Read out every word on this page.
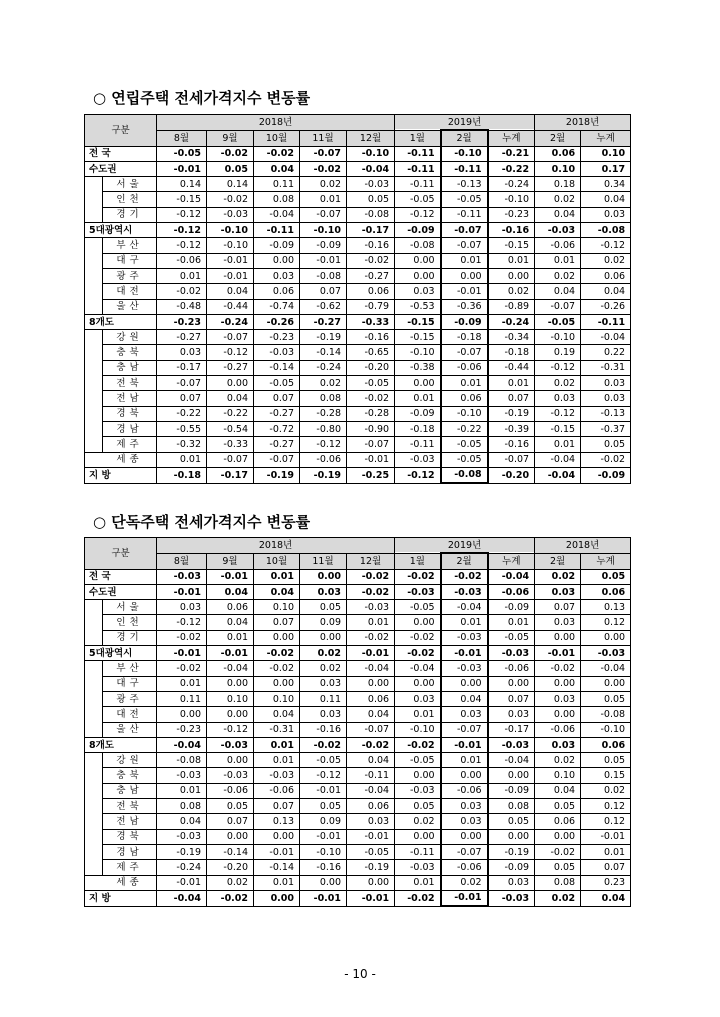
○ 연립주택 전세가격지수 변동률
구분		2018년					2019년			2018년	
		8월	9월	10월	11월	12월	1월	2월	누계	2월	누계
전 국		-0.05	-0.02	-0.02	-0.07	-0.10	-0.11	-0.10	-0.21	0.06	0.10
수도권		-0.01	0.05	0.04	-0.02	-0.04	-0.11	-0.11	-0.22	0.10	0.17
	서울	0.14	0.14	0.11	0.02	-0.03	-0.11	-0.13	-0.24	0.18	0.34
	인천	-0.15	-0.02	0.08	0.01	0.05	-0.05	-0.05	-0.10	0.02	0.04
	경기	-0.12	-0.03	-0.04	-0.07	-0.08	-0.12	-0.11	-0.23	0.04	0.03
5대광역시		-0.12	-0.10	-0.11	-0.10	-0.17	-0.09	-0.07	-0.16	-0.03	-0.08
	부산	-0.12	-0.10	-0.09	-0.09	-0.16	-0.08	-0.07	-0.15	-0.06	-0.12
	대구	-0.06	-0.01	0.00	-0.01	-0.02	0.00	0.01	0.01	0.01	0.02
	광주	0.01	-0.01	0.03	-0.08	-0.27	0.00	0.00	0.00	0.02	0.06
	대전	-0.02	0.04	0.06	0.07	0.06	0.03	-0.01	0.02	0.04	0.04
	울산	-0.48	-0.44	-0.74	-0.62	-0.79	-0.53	-0.36	-0.89	-0.07	-0.26
8개도		-0.23	-0.24	-0.26	-0.27	-0.33	-0.15	-0.09	-0.24	-0.05	-0.11
	강원	-0.27	-0.07	-0.23	-0.19	-0.16	-0.15	-0.18	-0.34	-0.10	-0.04
	충북	0.03	-0.12	-0.03	-0.14	-0.65	-0.10	-0.07	-0.18	0.19	0.22
	충남	-0.17	-0.27	-0.14	-0.24	-0.20	-0.38	-0.06	-0.44	-0.12	-0.31
	전북	-0.07	0.00	-0.05	0.02	-0.05	0.00	0.01	0.01	0.02	0.03
	전남	0.07	0.04	0.07	0.08	-0.02	0.01	0.06	0.07	0.03	0.03
	경북	-0.22	-0.22	-0.27	-0.28	-0.28	-0.09	-0.10	-0.19	-0.12	-0.13
	경남	-0.55	-0.54	-0.72	-0.80	-0.90	-0.18	-0.22	-0.39	-0.15	-0.37
	제주	-0.32	-0.33	-0.27	-0.12	-0.07	-0.11	-0.05	-0.16	0.01	0.05
세종		0.01	-0.07	-0.07	-0.06	-0.01	-0.03	-0.05	-0.07	-0.04	-0.02
지 방		-0.18	-0.17	-0.19	-0.19	-0.25	-0.12	-0.08	-0.20	-0.04	-0.09
○ 단독주택 전세가격지수 변동률
구분		2018년					2019년			2018년	
		8월	9월	10월	11월	12월	1월	2월	누계	2월	누계
전 국		-0.03	-0.01	0.01	0.00	-0.02	-0.02	-0.02	-0.04	0.02	0.05
수도권		-0.01	0.04	0.04	0.03	-0.02	-0.03	-0.03	-0.06	0.03	0.06
	서울	0.03	0.06	0.10	0.05	-0.03	-0.05	-0.04	-0.09	0.07	0.13
	인천	-0.12	0.04	0.07	0.09	0.01	0.00	0.01	0.01	0.03	0.12
	경기	-0.02	0.01	0.00	0.00	-0.02	-0.02	-0.03	-0.05	0.00	0.00
5대광역시		-0.01	-0.01	-0.02	0.02	-0.01	-0.02	-0.01	-0.03	-0.01	-0.03
	부산	-0.02	-0.04	-0.02	0.02	-0.04	-0.04	-0.03	-0.06	-0.02	-0.04
	대구	0.01	0.00	0.00	0.03	0.00	0.00	0.00	0.00	0.00	0.00
	광주	0.11	0.10	0.10	0.11	0.06	0.03	0.04	0.07	0.03	0.05
	대전	0.00	0.00	0.04	0.03	0.04	0.01	0.03	0.03	0.00	-0.08
	울산	-0.23	-0.12	-0.31	-0.16	-0.07	-0.10	-0.07	-0.17	-0.06	-0.10
8개도		-0.04	-0.03	0.01	-0.02	-0.02	-0.02	-0.01	-0.03	0.03	0.06
	강원	-0.08	0.00	0.01	-0.05	0.04	-0.05	0.01	-0.04	0.02	0.05
	충북	-0.03	-0.03	-0.03	-0.12	-0.11	0.00	0.00	0.00	0.10	0.15
	충남	0.01	-0.06	-0.06	-0.01	-0.04	-0.03	-0.06	-0.09	0.04	0.02
	전북	0.08	0.05	0.07	0.05	0.06	0.05	0.03	0.08	0.05	0.12
	전남	0.04	0.07	0.13	0.09	0.03	0.02	0.03	0.05	0.06	0.12
	경북	-0.03	0.00	0.00	-0.01	-0.01	0.00	0.00	0.00	0.00	-0.01
	경남	-0.19	-0.14	-0.01	-0.10	-0.05	-0.11	-0.07	-0.19	-0.02	0.01
	제주	-0.24	-0.20	-0.14	-0.16	-0.19	-0.03	-0.06	-0.09	0.05	0.07
세종		-0.01	0.02	0.01	0.00	0.00	0.01	0.02	0.03	0.08	0.23
지 방		-0.04	-0.02	0.00	-0.01	-0.01	-0.02	-0.01	-0.03	0.02	0.04
- 10 -
